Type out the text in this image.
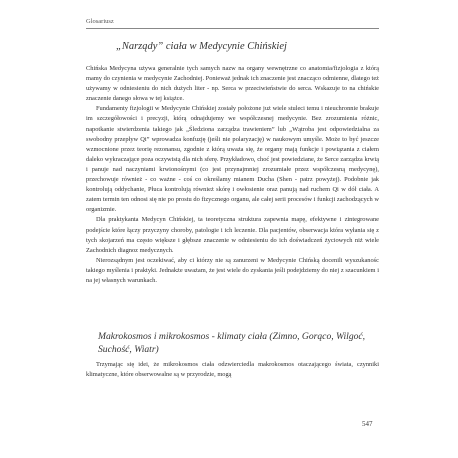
Glosariusz
„Narządy” ciała w Medycynie Chińskiej

Chińska Medycyna używa generalnie tych samych nazw na organy wewnętrzne co anatomia/fizjologia z którą mamy do czynienia w medycynie Zachodniej. Ponieważ jednak ich znaczenie jest znacząco odmienne, dlatego też używamy w odniesieniu do nich dużych liter - np. Serca w przeciwieństwie do serca. Wskazuje to na chińskie znaczenie danego słowa w tej książce.

Fundamenty fizjologii w Medycynie Chińskiej zostały położone już wiele stuleci temu i nieuchronnie brakuje im szczegółowości i precyzji, którą odnajdujemy we współczesnej medycynie. Bez zrozumienia różnic, napotkanie stwierdzenia takiego jak „Śledziona zarządza trawieniem” lub „Wątroba jest odpowiedzialna za swobodny przepływ Qi” wprowadza konfuzję (jeśli nie polaryzację) w naukowym umyśle. Może to być jeszcze wzmocnione przez teorię rezonansu, zgodnie z którą uważa się, że organy mają funkcje i powiązania z ciałem daleko wykraczające poza oczywistą dla nich sferę. Przykładowo, choć jest powiedziane, że Serce zarządza krwią i panuje nad naczyniami krwionośnymi (co jest przynajmniej zrozumiałe przez współczesną medycynę), przechowuje również - co ważne - coś co określamy mianem Ducha (Shen - patrz powyżej). Podobnie jak kontrolują oddychanie, Płuca kontrolują również skórę i owłosienie oraz panują nad ruchem Qi w dół ciała. A zatem termin ten odnosi się nie po prostu do fizycznego organu, ale całej serii procesów i funkcji zachodzących w organizmie.

Dla praktykanta Medycyn Chińskiej, ta teoretyczna struktura zapewnia mapę, efektywne i zintegrowane podejście które łączy przyczyny choroby, patologie i ich leczenie. Dla pacjentów, obserwacja która wyłania się z tych skojarzeń ma często większe i głębsze znaczenie w odniesieniu do ich doświadczeń życiowych niż wiele Zachodnich diagnoz medycznych.

Nierozsądnym jest oczekiwać, aby ci którzy nie są zanurzeni w Medycynie Chińską docenili wyszukanośc takiego myślenia i praktyki. Jednakże uważam, że jest wiele do zyskania jeśli podejdziemy do niej z szacunkiem i na jej własnych warunkach.

Makrokosmos i mikrokosmos - klimaty ciała (Zimno, Gorąco, Wilgoć, Suchość, Wiatr)

Trzymając się idei, że mikrokosmos ciała odzwierciedla makrokosmos otaczającego świata, czynniki klimatyczne, które obserwowalne są w przyrodzie, mogą

547
